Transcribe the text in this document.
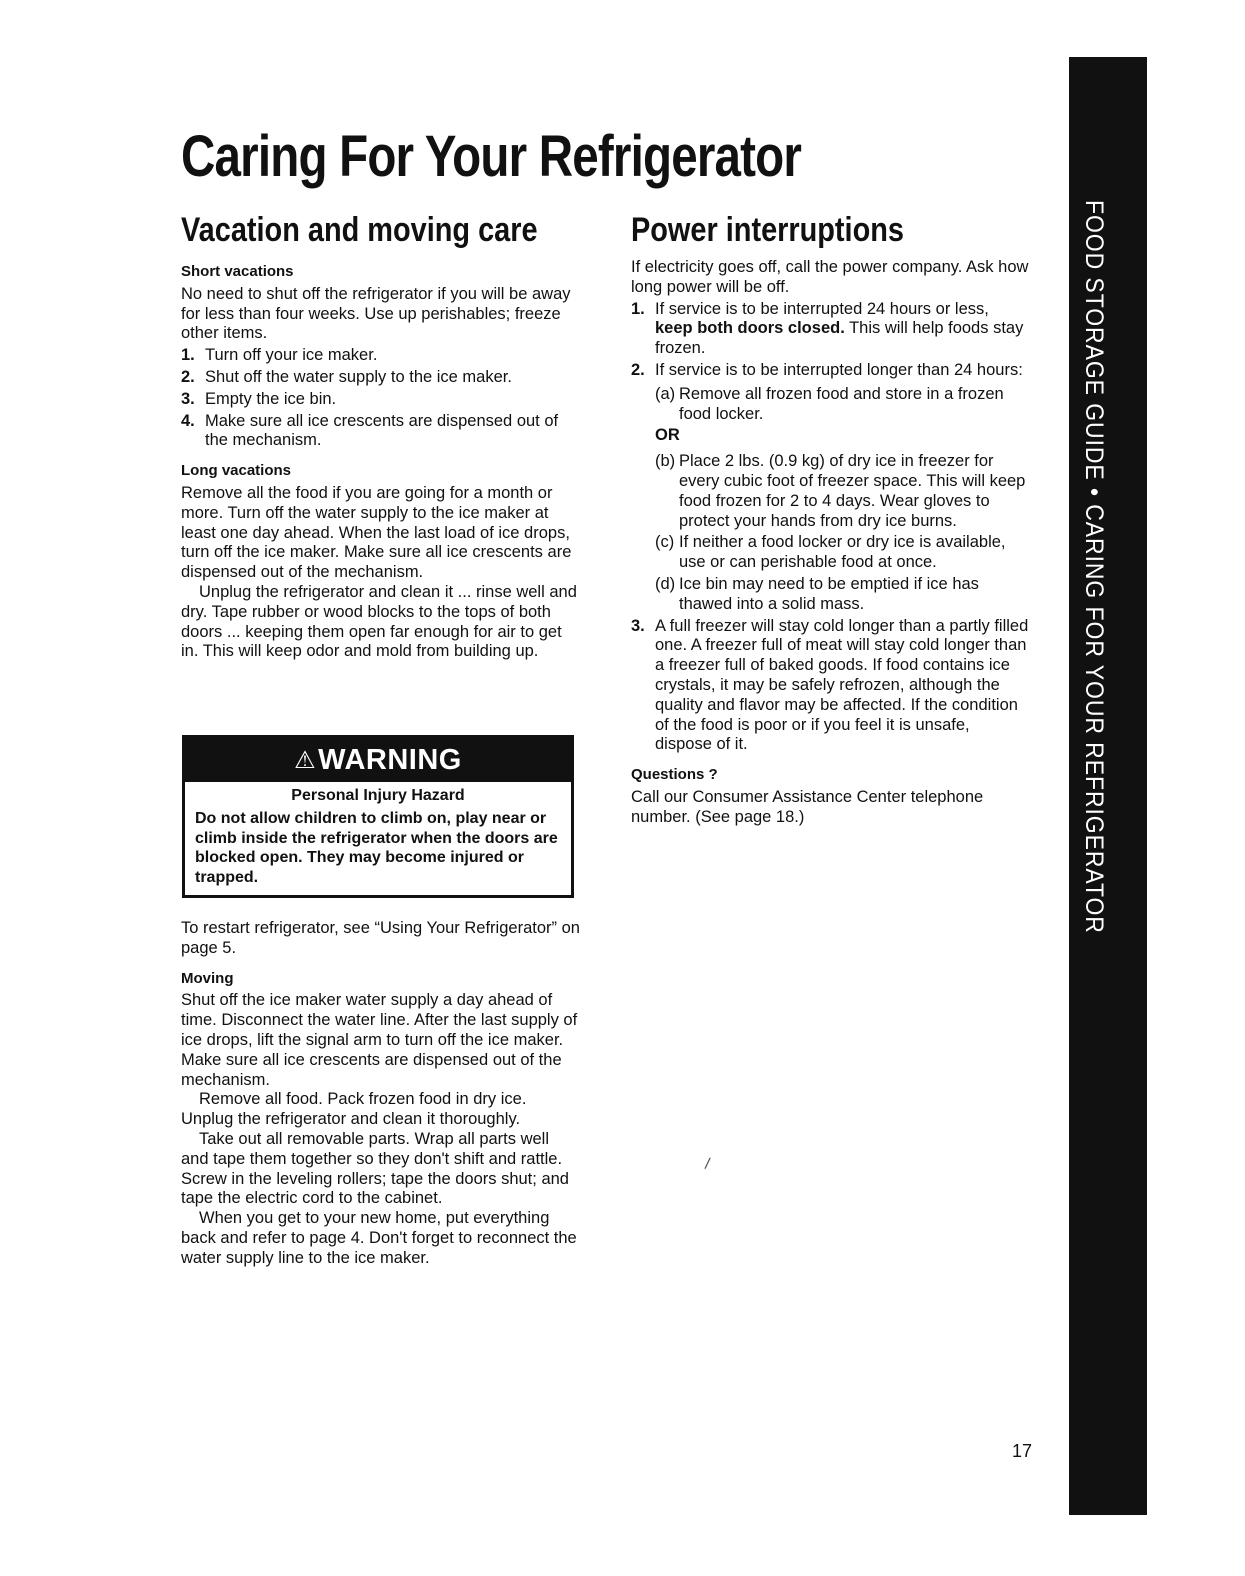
Caring For Your Refrigerator
Vacation and moving care

Short vacations

No need to shut off the refrigerator if you will be away for less than four weeks. Use up perishables; freeze other items.

1. Turn off your ice maker.
2. Shut off the water supply to the ice maker.
3. Empty the ice bin.
4. Make sure all ice crescents are dispensed out of the mechanism.

Long vacations

Remove all the food if you are going for a month or more. Turn off the water supply to the ice maker at least one day ahead. When the last load of ice drops, turn off the ice maker. Make sure all ice crescents are dispensed out of the mechanism.

Unplug the refrigerator and clean it ... rinse well and dry. Tape rubber or wood blocks to the tops of both doors ... keeping them open far enough for air to get in. This will keep odor and mold from building up.

⚠WARNING
Personal Injury Hazard
Do not allow children to climb on, play near or climb inside the refrigerator when the doors are blocked open. They may become injured or trapped.

To restart refrigerator, see “Using Your Refrigerator” on page 5.

Moving

Shut off the ice maker water supply a day ahead of time. Disconnect the water line. After the last supply of ice drops, lift the signal arm to turn off the ice maker. Make sure all ice crescents are dispensed out of the mechanism.

Remove all food. Pack frozen food in dry ice. Unplug the refrigerator and clean it thoroughly.

Take out all removable parts. Wrap all parts well and tape them together so they don't shift and rattle. Screw in the leveling rollers; tape the doors shut; and tape the electric cord to the cabinet.

When you get to your new home, put everything back and refer to page 4. Don't forget to reconnect the water supply line to the ice maker.

Power interruptions

If electricity goes off, call the power company. Ask how long power will be off.

1. If service is to be interrupted 24 hours or less, keep both doors closed. This will help foods stay frozen.
2. If service is to be interrupted longer than 24 hours:
(a) Remove all frozen food and store in a frozen food locker.

OR

(b) Place 2 lbs. (0.9 kg) of dry ice in freezer for every cubic foot of freezer space. This will keep food frozen for 2 to 4 days. Wear gloves to protect your hands from dry ice burns.
(c) If neither a food locker or dry ice is available, use or can perishable food at once.
(d) Ice bin may need to be emptied if ice has thawed into a solid mass.
3. A full freezer will stay cold longer than a partly filled one. A freezer full of meat will stay cold longer than a freezer full of baked goods. If food contains ice crystals, it may be safely refrozen, although the quality and flavor may be affected. If the condition of the food is poor or if you feel it is unsafe, dispose of it.

Questions ?

Call our Consumer Assistance Center telephone number. (See page 18.)

/
FOOD STORAGE GUIDE • CARING FOR YOUR REFRIGERATOR
17
